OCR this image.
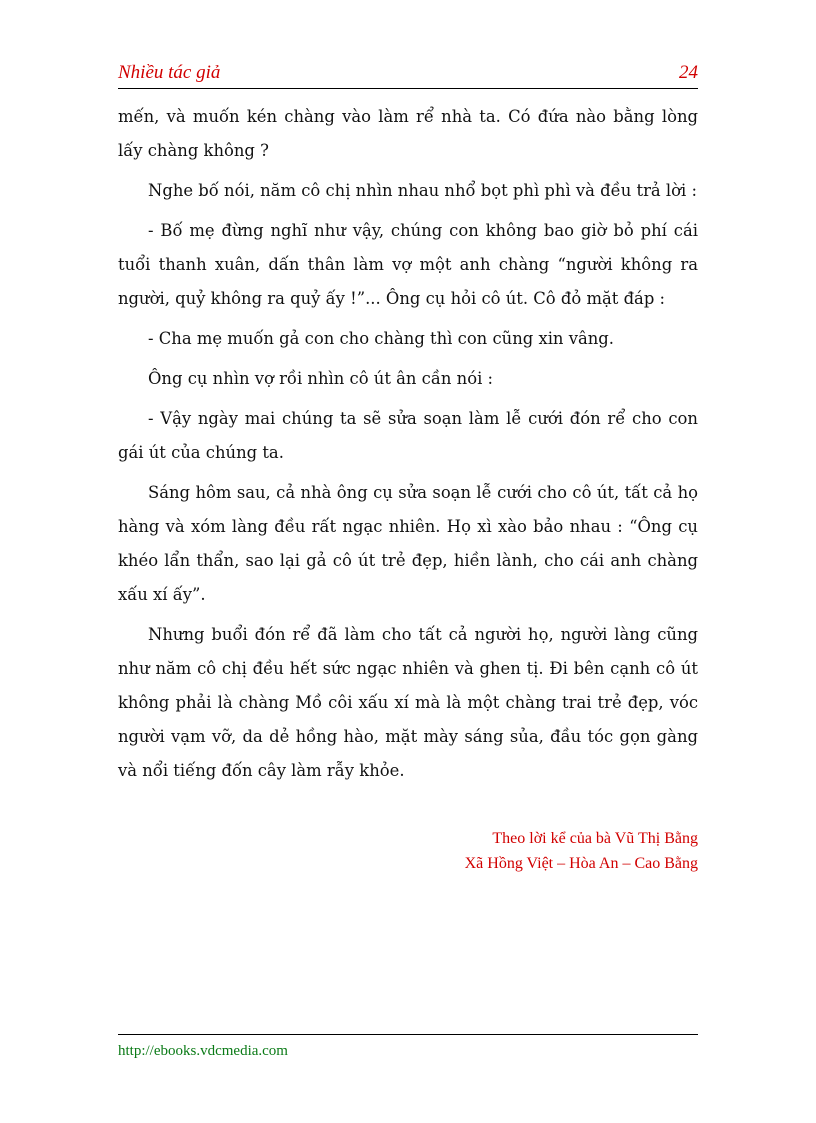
Nhiều tác giả	24

mến, và muốn kén chàng vào làm rể nhà ta. Có đứa nào bằng lòng lấy chàng không ?

Nghe bố nói, năm cô chị nhìn nhau nhổ bọt phì phì và đều trả lời :

- Bố mẹ đừng nghĩ như vậy, chúng con không bao giờ bỏ phí cái tuổi thanh xuân, dấn thân làm vợ một anh chàng “người không ra người, quỷ không ra quỷ ấy !”... Ông cụ hỏi cô út. Cô đỏ mặt đáp :

- Cha mẹ muốn gả con cho chàng thì con cũng xin vâng.

Ông cụ nhìn vợ rồi nhìn cô út ân cần nói :

- Vậy ngày mai chúng ta sẽ sửa soạn làm lễ cưới đón rể cho con gái út của chúng ta.

Sáng hôm sau, cả nhà ông cụ sửa soạn lễ cưới cho cô út, tất cả họ hàng và xóm làng đều rất ngạc nhiên. Họ xì xào bảo nhau : “Ông cụ khéo lẩn thẩn, sao lại gả cô út trẻ đẹp, hiền lành, cho cái anh chàng xấu xí ấy”.

Nhưng buổi đón rể đã làm cho tất cả người họ, người làng cũng như năm cô chị đều hết sức ngạc nhiên và ghen tị. Đi bên cạnh cô út không phải là chàng Mồ côi xấu xí mà là một chàng trai trẻ đẹp, vóc người vạm vỡ, da dẻ hồng hào, mặt mày sáng sủa, đầu tóc gọn gàng và nổi tiếng đốn cây làm rẫy khỏe.

Theo lời kể của bà Vũ Thị Bằng
Xã Hồng Việt – Hòa An – Cao Bằng
http://ebooks.vdcmedia.com
